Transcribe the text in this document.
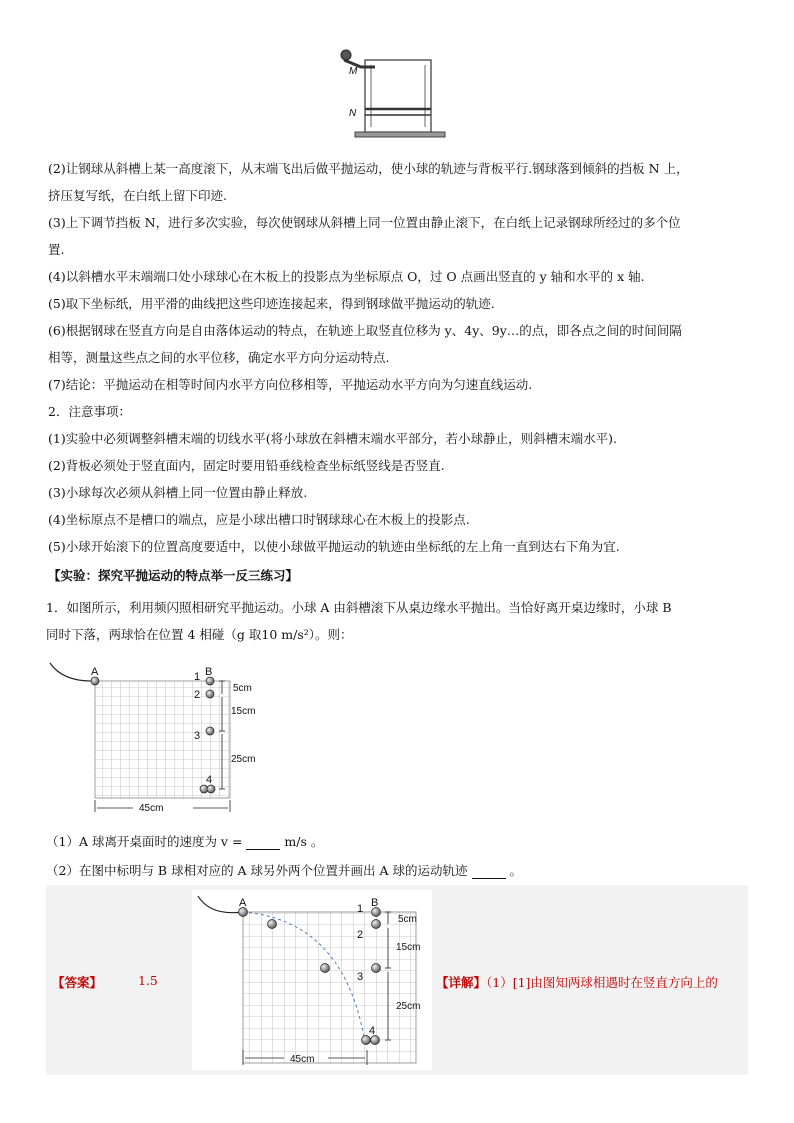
M
N
(2)让钢球从斜槽上某一高度滚下，从末端飞出后做平抛运动，使小球的轨迹与背板平行.钢球落到倾斜的挡板 N 上，
挤压复写纸，在白纸上留下印迹.
(3)上下调节挡板 N，进行多次实验，每次使钢球从斜槽上同一位置由静止滚下，在白纸上记录钢球所经过的多个位
置.
(4)以斜槽水平末端端口处小球球心在木板上的投影点为坐标原点 O，过 O 点画出竖直的 y 轴和水平的 x 轴.
(5)取下坐标纸，用平滑的曲线把这些印迹连接起来，得到钢球做平抛运动的轨迹.
(6)根据钢球在竖直方向是自由落体运动的特点，在轨迹上取竖直位移为 y、4y、9y…的点，即各点之间的时间间隔
相等，测量这些点之间的水平位移，确定水平方向分运动特点.
(7)结论：平抛运动在相等时间内水平方向位移相等，平抛运动水平方向为匀速直线运动.
2．注意事项：
(1)实验中必须调整斜槽末端的切线水平(将小球放在斜槽末端水平部分，若小球静止，则斜槽末端水平).
(2)背板必须处于竖直面内，固定时要用铅垂线检查坐标纸竖线是否竖直.
(3)小球每次必须从斜槽上同一位置由静止释放.
(4)坐标原点不是槽口的端点，应是小球出槽口时钢球球心在木板上的投影点.
(5)小球开始滚下的位置高度要适中，以使小球做平抛运动的轨迹由坐标纸的左上角一直到达右下角为宜.
【实验：探究平抛运动的特点举一反三练习】
1．如图所示，利用频闪照相研究平抛运动。小球 A 由斜槽滚下从桌边缘水平抛出。当恰好离开桌边缘时，小球 B
同时下落，两球恰在位置 4 相碰（g 取10 m/s²）。则：
A	B
1
2
3
4
5cm
15cm
25cm
45cm
（1）A 球离开桌面时的速度为 v =	m/s 。
（2）在图中标明与 B 球相对应的 A 球另外两个位置并画出 A 球的运动轨迹	。
【答案】	1.5
A	B
1
2
3
4
5cm
15cm
25cm
45cm
【详解】（1）[1]由图知两球相遇时在竖直方向上的
